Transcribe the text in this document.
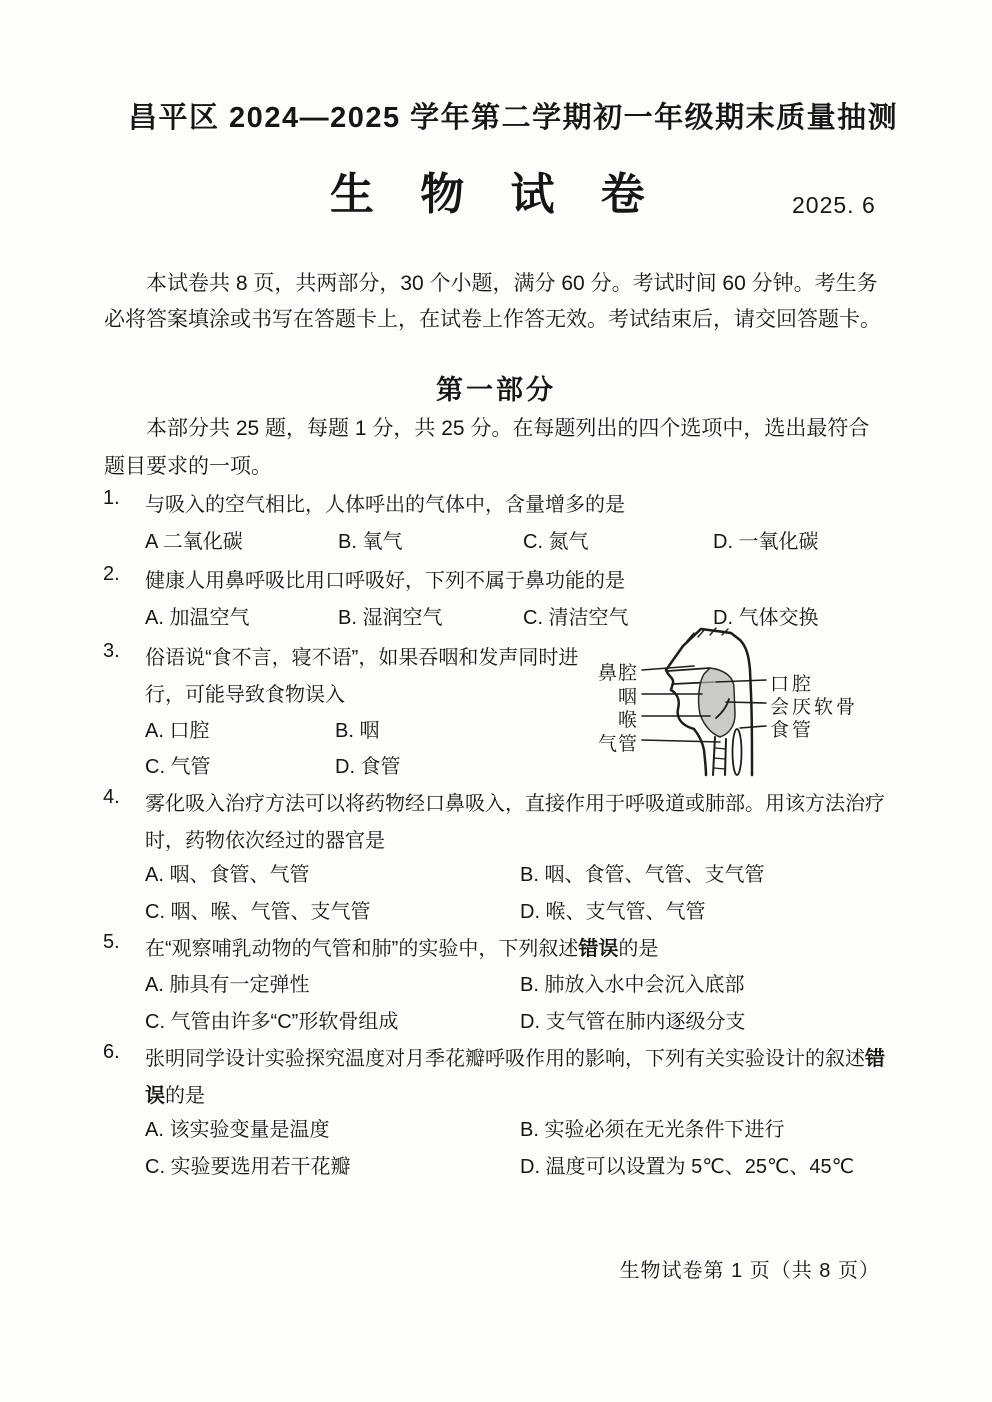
昌平区 2024—2025 学年第二学期初一年级期末质量抽测
生 物 试 卷	2025. 6
本试卷共 8 页，共两部分，30 个小题，满分 60 分。考试时间 60 分钟。考生务必将答案填涂或书写在答题卡上，在试卷上作答无效。考试结束后，请交回答题卡。
第一部分
本部分共 25 题，每题 1 分，共 25 分。在每题列出的四个选项中，选出最符合题目要求的一项。
1. 与吸入的空气相比，人体呼出的气体中，含量增多的是
A 二氧化碳	B. 氧气	C. 氮气	D. 一氧化碳
2. 健康人用鼻呼吸比用口呼吸好，下列不属于鼻功能的是
A. 加温空气	B. 湿润空气	C. 清洁空气	D. 气体交换
3. 俗语说“食不言，寝不语”，如果吞咽和发声同时进行，可能导致食物误入
A. 口腔	B. 咽
C. 气管	D. 食管
鼻腔
咽
喉
气管
口腔
会厌软骨
食管
4. 雾化吸入治疗方法可以将药物经口鼻吸入，直接作用于呼吸道或肺部。用该方法治疗时，药物依次经过的器官是
A. 咽、食管、气管	B. 咽、食管、气管、支气管
C. 咽、喉、气管、支气管	D. 喉、支气管、气管
5. 在“观察哺乳动物的气管和肺”的实验中，下列叙述错误的是
A. 肺具有一定弹性	B. 肺放入水中会沉入底部
C. 气管由许多“C”形软骨组成	D. 支气管在肺内逐级分支
6. 张明同学设计实验探究温度对月季花瓣呼吸作用的影响，下列有关实验设计的叙述错误的是
A. 该实验变量是温度	B. 实验必须在无光条件下进行
C. 实验要选用若干花瓣	D. 温度可以设置为 5℃、25℃、45℃
生物试卷第 1 页（共 8 页）
